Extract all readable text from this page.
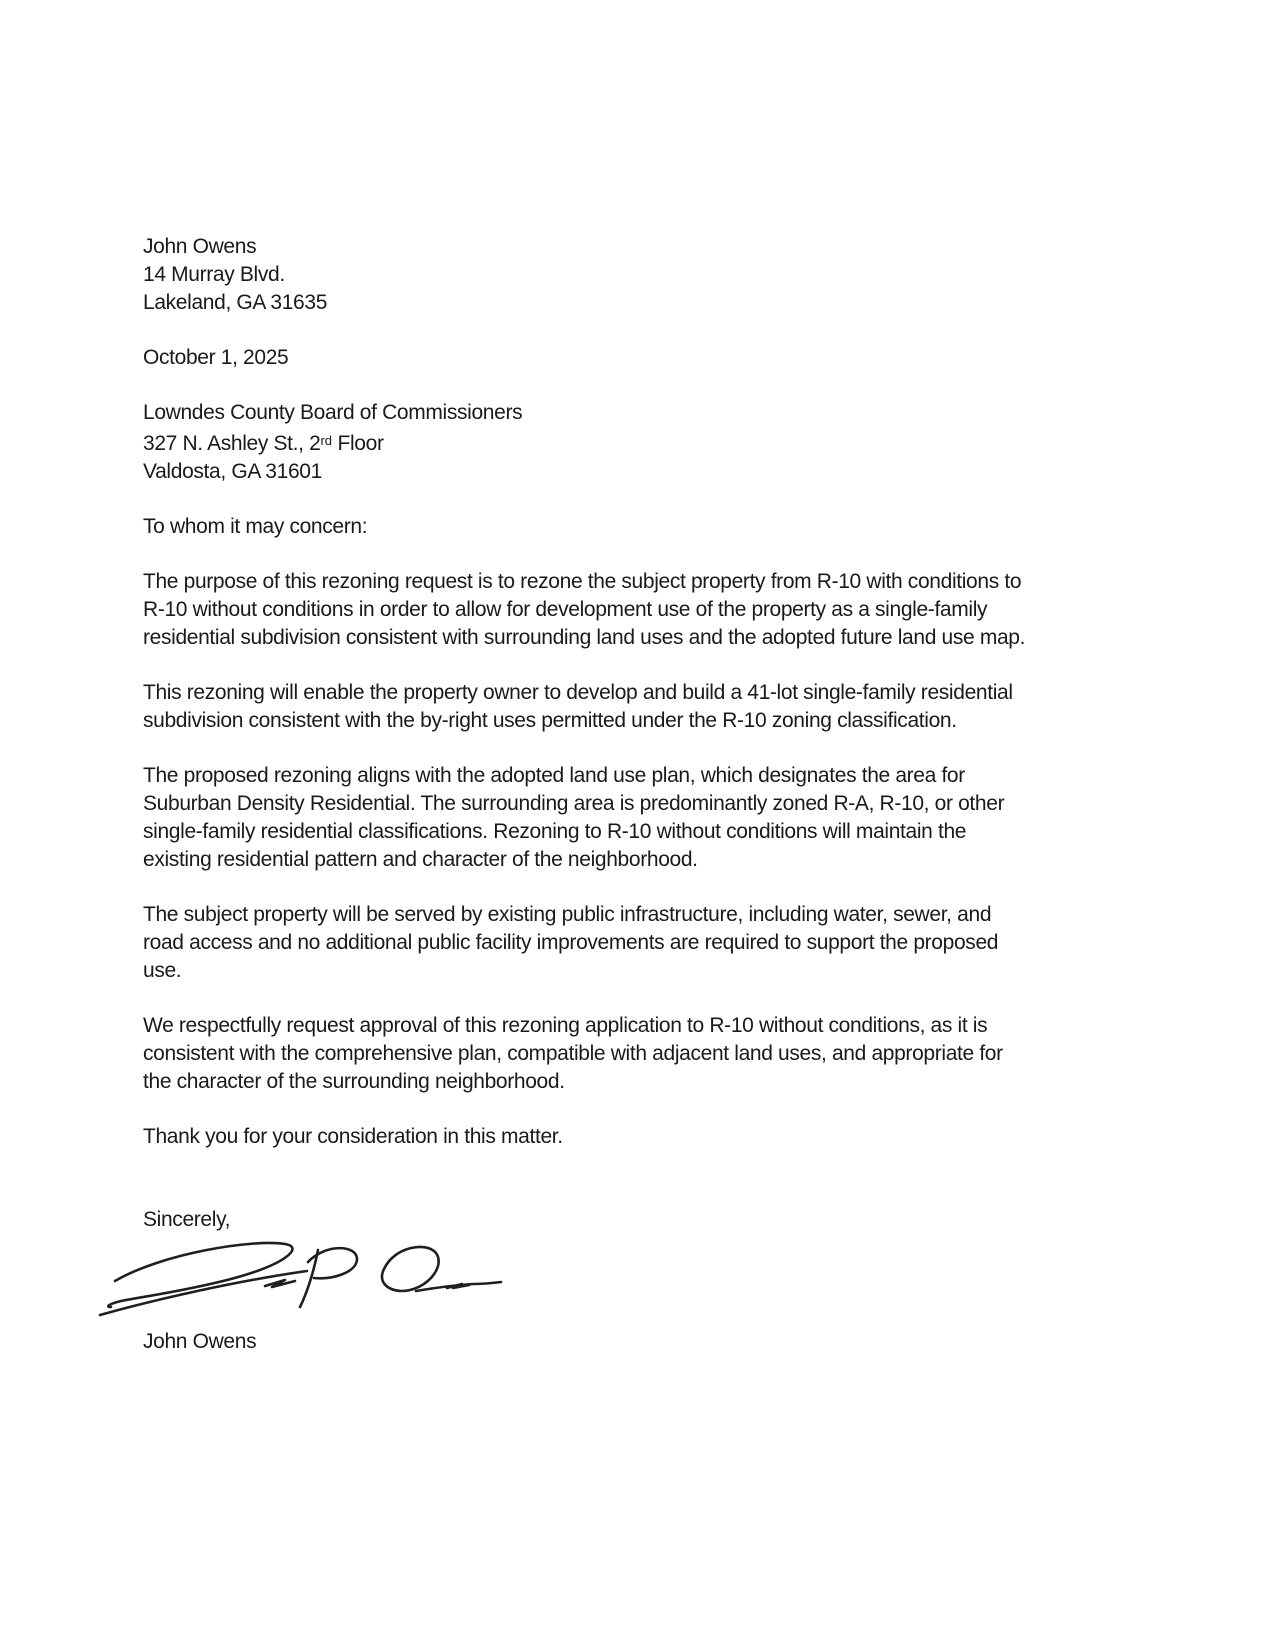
John Owens
14 Murray Blvd.
Lakeland, GA 31635
October 1, 2025
Lowndes County Board of Commissioners
327 N. Ashley St., 2rd Floor
Valdosta, GA 31601
To whom it may concern:
The purpose of this rezoning request is to rezone the subject property from R-10 with conditions to
R-10 without conditions in order to allow for development use of the property as a single-family
residential subdivision consistent with surrounding land uses and the adopted future land use map.
This rezoning will enable the property owner to develop and build a 41-lot single-family residential
subdivision consistent with the by-right uses permitted under the R-10 zoning classification.
The proposed rezoning aligns with the adopted land use plan, which designates the area for
Suburban Density Residential. The surrounding area is predominantly zoned R-A, R-10, or other
single-family residential classifications. Rezoning to R-10 without conditions will maintain the
existing residential pattern and character of the neighborhood.
The subject property will be served by existing public infrastructure, including water, sewer, and
road access and no additional public facility improvements are required to support the proposed
use.
We respectfully request approval of this rezoning application to R-10 without conditions, as it is
consistent with the comprehensive plan, compatible with adjacent land uses, and appropriate for
the character of the surrounding neighborhood.
Thank you for your consideration in this matter.
Sincerely,
John Owens
